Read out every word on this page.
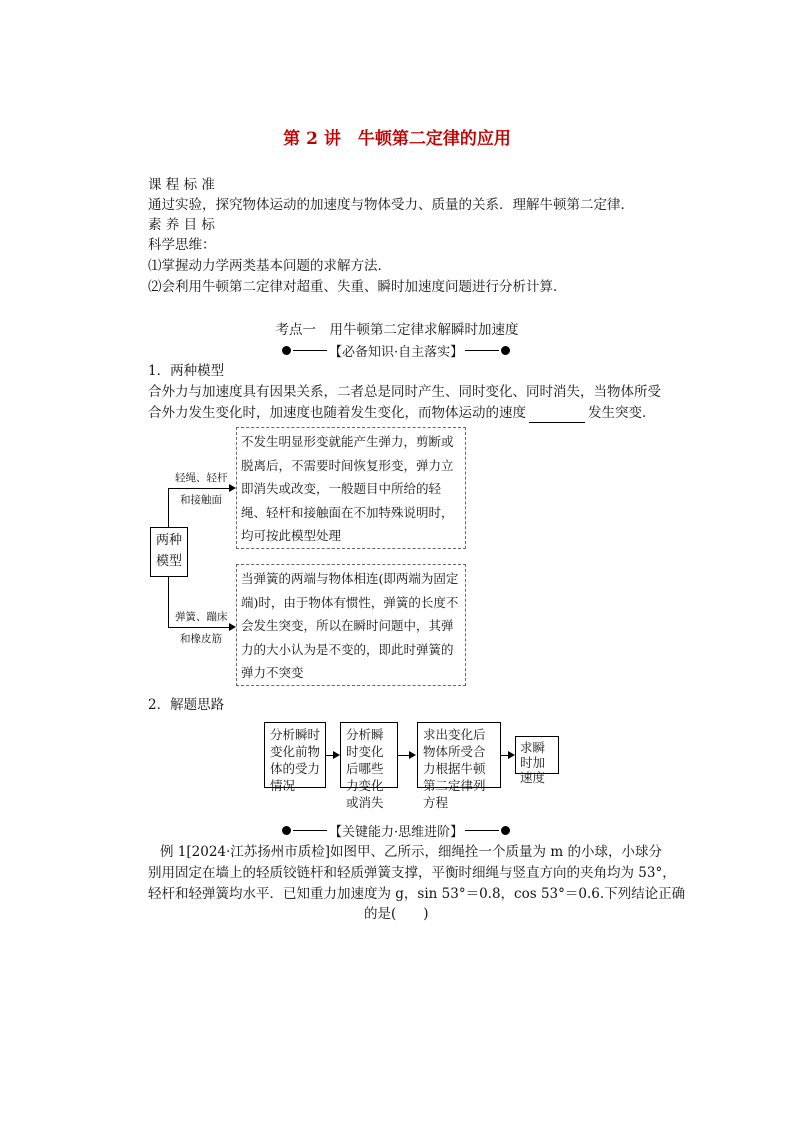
第 2 讲　牛顿第二定律的应用
课 程 标 准
通过实验，探究物体运动的加速度与物体受力、质量的关系．理解牛顿第二定律．
素 养 目 标
科学思维：
⑴掌握动力学两类基本问题的求解方法．
⑵会利用牛顿第二定律对超重、失重、瞬时加速度问题进行分析计算．
考点一　用牛顿第二定律求解瞬时加速度
【必备知识·自主落实】
1．两种模型
合外力与加速度具有因果关系，二者总是同时产生、同时变化、同时消失，当物体所受
合外力发生变化时，加速度也随着发生变化，而物体运动的速度	发生突变．
两种
模型
轻绳、轻杆
和接触面
弹簧、蹦床
和橡皮筋
不发生明显形变就能产生弹力，剪断或脱离后，不需要时间恢复形变，弹力立即消失或改变，一般题目中所给的轻绳、轻杆和接触面在不加特殊说明时，均可按此模型处理
当弹簧的两端与物体相连(即两端为固定端)时，由于物体有惯性，弹簧的长度不会发生突变，所以在瞬时问题中，其弹力的大小认为是不变的，即此时弹簧的弹力不突变
2．解题思路
分析瞬时变化前物体的受力情况
分析瞬时变化后哪些力变化或消失
求出变化后物体所受合力根据牛顿第二定律列方程
求瞬时加速度
【关键能力·思维进阶】
例 1[2024·江苏扬州市质检]如图甲、乙所示，细绳拴一个质量为 m 的小球，小球分
别用固定在墙上的轻质铰链杆和轻质弹簧支撑，平衡时细绳与竖直方向的夹角均为 53°，
轻杆和轻弹簧均水平．已知重力加速度为 g，sin 53°＝0.8，cos 53°＝0.6.下列结论正确
的是(　　)
